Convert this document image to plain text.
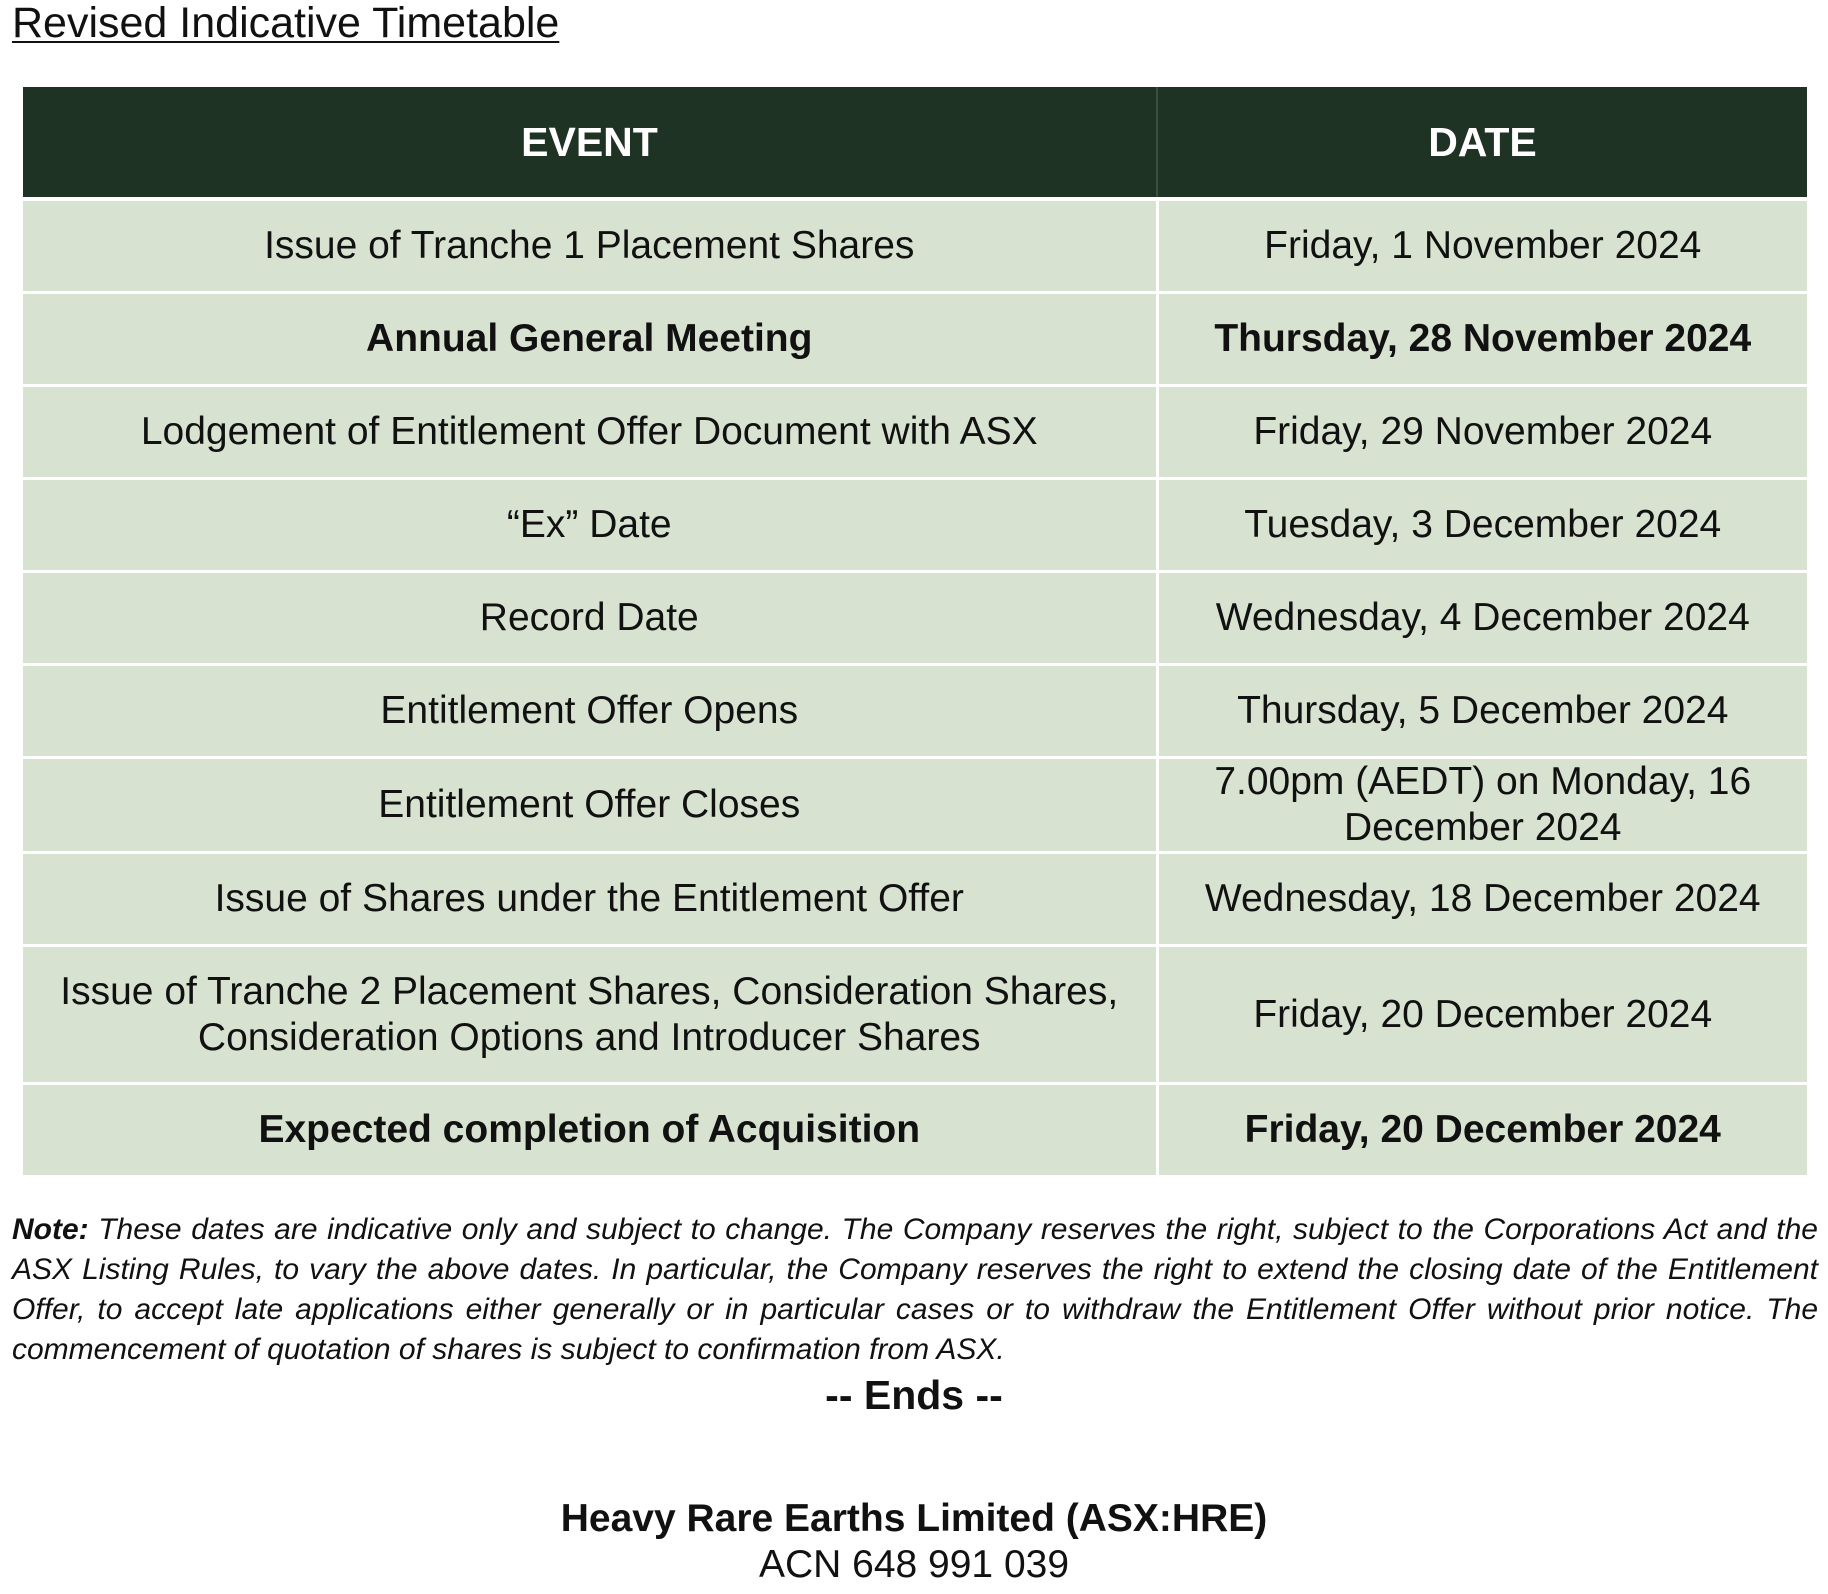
Revised Indicative Timetable
EVENT	DATE
Issue of Tranche 1 Placement Shares	Friday, 1 November 2024
Annual General Meeting	Thursday, 28 November 2024
Lodgement of Entitlement Offer Document with ASX	Friday, 29 November 2024
“Ex” Date	Tuesday, 3 December 2024
Record Date	Wednesday, 4 December 2024
Entitlement Offer Opens	Thursday, 5 December 2024
Entitlement Offer Closes	7.00pm (AEDT) on Monday, 16 December 2024
Issue of Shares under the Entitlement Offer	Wednesday, 18 December 2024
Issue of Tranche 2 Placement Shares, Consideration Shares, Consideration Options and Introducer Shares	Friday, 20 December 2024
Expected completion of Acquisition	Friday, 20 December 2024

Note: These dates are indicative only and subject to change. The Company reserves the right, subject to the Corporations Act and the ASX Listing Rules, to vary the above dates. In particular, the Company reserves the right to extend the closing date of the Entitlement Offer, to accept late applications either generally or in particular cases or to withdraw the Entitlement Offer without prior notice. The commencement of quotation of shares is subject to confirmation from ASX.

-- Ends --
Heavy Rare Earths Limited (ASX:HRE)
ACN 648 991 039
